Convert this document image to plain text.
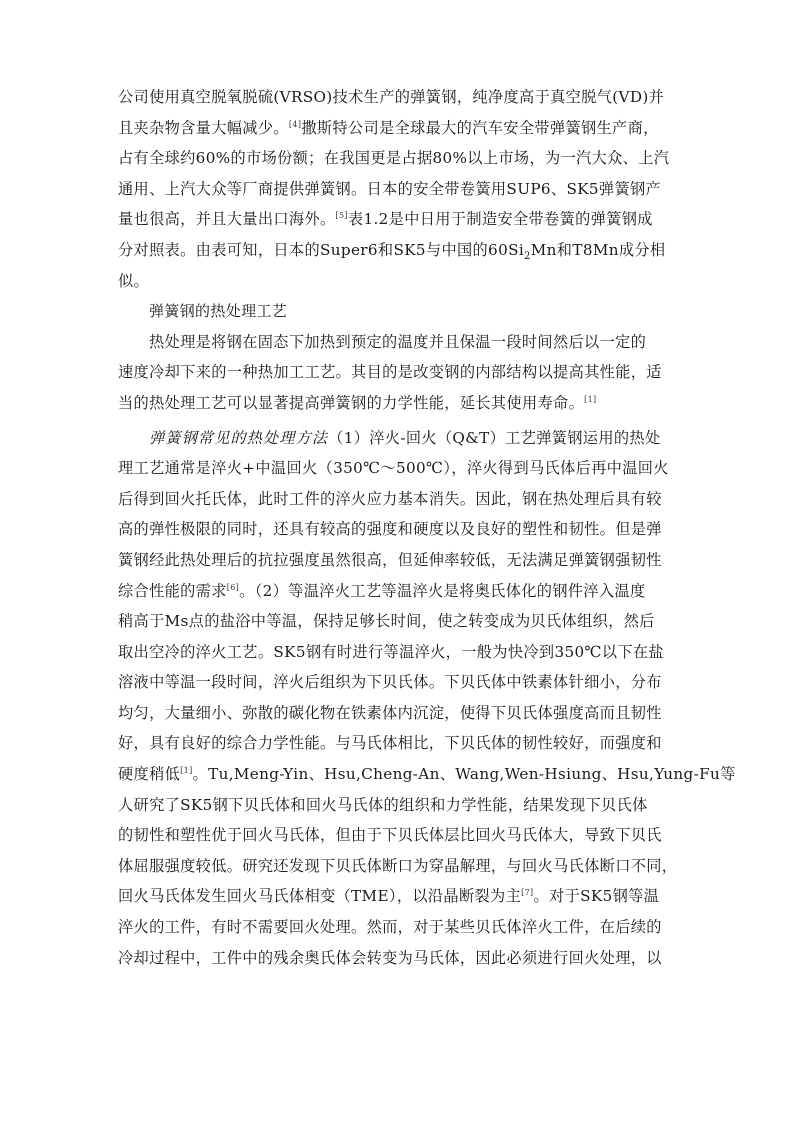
公司使用真空脱氧脱硫(VRSO)技术生产的弹簧钢，纯净度高于真空脱气(VD)并
且夹杂物含量大幅减少。[4]撒斯特公司是全球最大的汽车安全带弹簧钢生产商，
占有全球约60%的市场份额；在我国更是占据80%以上市场，为一汽大众、上汽
通用、上汽大众等厂商提供弹簧钢。日本的安全带卷簧用SUP6、SK5弹簧钢产
量也很高，并且大量出口海外。[5]表1.2是中日用于制造安全带卷簧的弹簧钢成
分对照表。由表可知，日本的Super6和SK5与中国的$60Si_2Mn$和T8Mn成分相
似。
弹簧钢的热处理工艺
热处理是将钢在固态下加热到预定的温度并且保温一段时间然后以一定的
速度冷却下来的一种热加工工艺。其目的是改变钢的内部结构以提高其性能，适
当的热处理工艺可以显著提高弹簧钢的力学性能，延长其使用寿命。[1]
弹簧钢常见的热处理方法（1）淬火-回火（Q&T）工艺弹簧钢运用的热处
理工艺通常是淬火+中温回火（350℃～500℃），淬火得到马氏体后再中温回火
后得到回火托氏体，此时工件的淬火应力基本消失。因此，钢在热处理后具有较
高的弹性极限的同时，还具有较高的强度和硬度以及良好的塑性和韧性。但是弹
簧钢经此热处理后的抗拉强度虽然很高，但延伸率较低，无法满足弹簧钢强韧性
综合性能的需求[6]。（2）等温淬火工艺等温淬火是将奥氏体化的钢件淬入温度
稍高于Ms点的盐浴中等温，保持足够长时间，使之转变成为贝氏体组织，然后
取出空冷的淬火工艺。SK5钢有时进行等温淬火，一般为快冷到350℃以下在盐
溶液中等温一段时间，淬火后组织为下贝氏体。下贝氏体中铁素体针细小，分布
均匀，大量细小、弥散的碳化物在铁素体内沉淀，使得下贝氏体强度高而且韧性
好，具有良好的综合力学性能。与马氏体相比，下贝氏体的韧性较好，而强度和
硬度稍低[1]。Tu,Meng-Yin、Hsu,Cheng-An、Wang,Wen-Hsiung、Hsu,Yung-Fu等
人研究了SK5钢下贝氏体和回火马氏体的组织和力学性能，结果发现下贝氏体
的韧性和塑性优于回火马氏体，但由于下贝氏体层比回火马氏体大，导致下贝氏
体屈服强度较低。研究还发现下贝氏体断口为穿晶解理，与回火马氏体断口不同，
回火马氏体发生回火马氏体相变（TME），以沿晶断裂为主[7]。对于SK5钢等温
淬火的工件，有时不需要回火处理。然而，对于某些贝氏体淬火工件，在后续的
冷却过程中，工件中的残余奥氏体会转变为马氏体，因此必须进行回火处理，以
